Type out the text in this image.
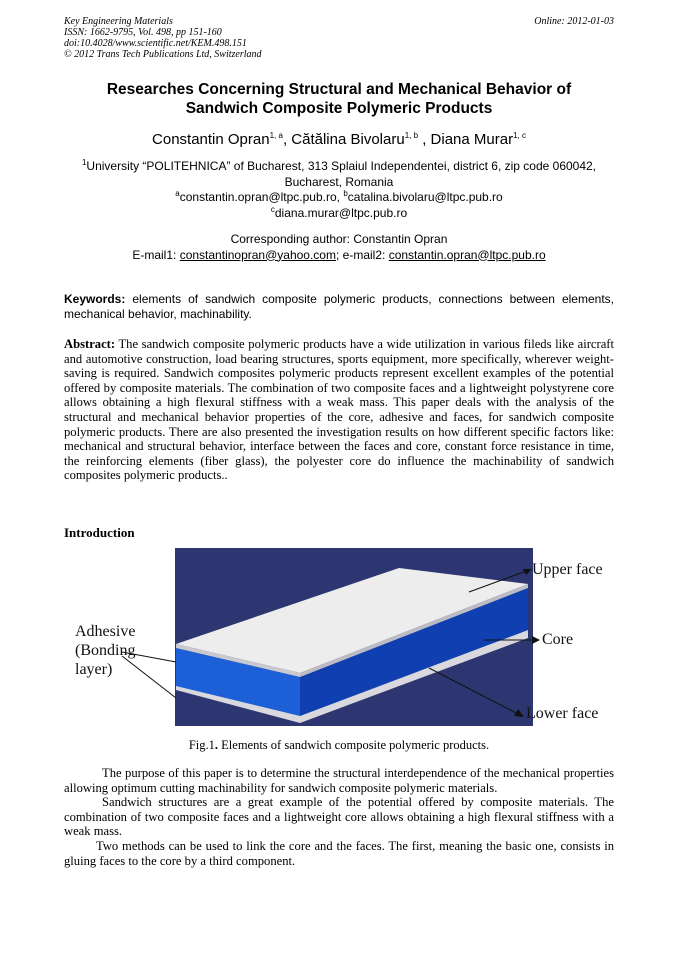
Key Engineering Materials
ISSN: 1662-9795, Vol. 498, pp 151-160
doi:10.4028/www.scientific.net/KEM.498.151
© 2012 Trans Tech Publications Ltd, Switzerland
Online: 2012-01-03
Researches Concerning Structural and Mechanical Behavior of
Sandwich Composite Polymeric Products
Constantin Opran$^{1, a}$, Cătălina Bivolaru$^{1, b}$ , Diana Murar$^{1, c}$
$^1$University “POLITEHNICA” of Bucharest, 313 Splaiul Independentei, district 6, zip code 060042,
Bucharest, Romania
$^a$constantin.opran@ltpc.pub.ro, $^b$catalina.bivolaru@ltpc.pub.ro
$^c$diana.murar@ltpc.pub.ro
Corresponding author: Constantin Opran
E-mail1: constantinopran@yahoo.com; e-mail2: constantin.opran@ltpc.pub.ro
Keywords: elements of sandwich composite polymeric products, connections between elements, mechanical behavior, machinability.
Abstract: The sandwich composite polymeric products have a wide utilization in various fileds like aircraft and automotive construction, load bearing structures, sports equipment, more specifically, wherever weight-saving is required. Sandwich composites polymeric products represent excellent examples of the potential offered by composite materials. The combination of two composite faces and a lightweight polystyrene core allows obtaining a high flexural stiffness with a weak mass. This paper deals with the analysis of the structural and mechanical behavior properties of the core, adhesive and faces, for sandwich composite polymeric products. There are also presented the investigation results on how different specific factors like: mechanical and structural behavior, interface between the faces and core, constant force resistance in time, the reinforcing elements (fiber glass), the polyester core do influence the machinability of sandwich composites polymeric products..
Introduction
Upper face
Core
Lower face
Adhesive
(Bonding
layer)
Fig.1. Elements of sandwich composite polymeric products.
The purpose of this paper is to determine the structural interdependence of the mechanical properties allowing optimum cutting machinability for sandwich composite polymeric materials.
Sandwich structures are a great example of the potential offered by composite materials. The combination of two composite faces and a lightweight core allows obtaining a high flexural stiffness with a weak mass.
Two methods can be used to link the core and the faces. The first, meaning the basic one, consists in gluing faces to the core by a third component.
